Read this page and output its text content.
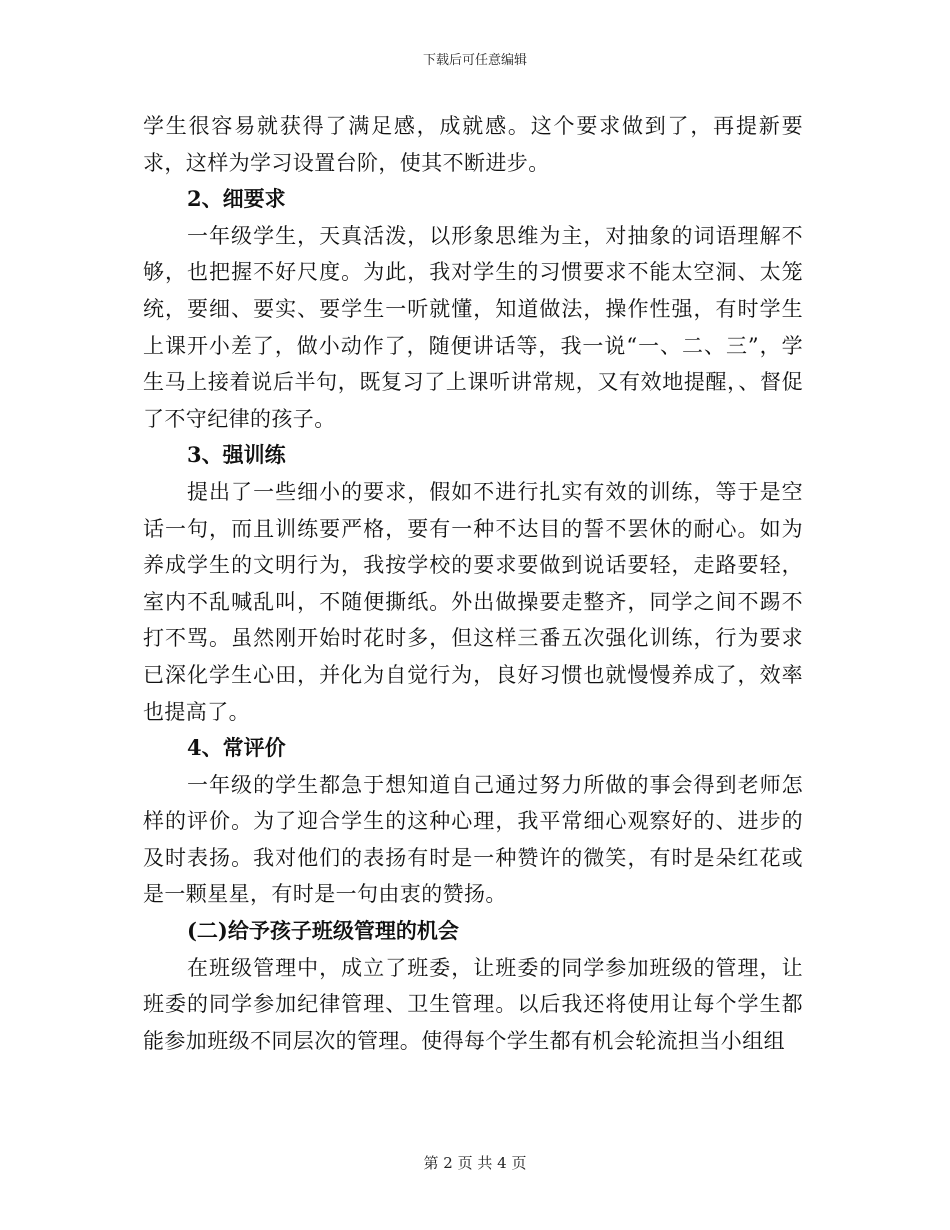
下载后可任意编辑

学生很容易就获得了满足感，成就感。这个要求做到了，再提新要求，这样为学习设置台阶，使其不断进步。

2、细要求

一年级学生，天真活泼，以形象思维为主，对抽象的词语理解不够，也把握不好尺度。为此，我对学生的习惯要求不能太空洞、太笼统，要细、要实、要学生一听就懂，知道做法，操作性强，有时学生上课开小差了，做小动作了，随便讲话等，我一说“一、二、三”，学生马上接着说后半句，既复习了上课听讲常规，又有效地提醒，、督促了不守纪律的孩子。

3、强训练

提出了一些细小的要求，假如不进行扎实有效的训练，等于是空话一句，而且训练要严格，要有一种不达目的誓不罢休的耐心。如为养成学生的文明行为，我按学校的要求要做到说话要轻，走路要轻，室内不乱喊乱叫，不随便撕纸。外出做操要走整齐，同学之间不踢不打不骂。虽然刚开始时花时多，但这样三番五次强化训练，行为要求已深化学生心田，并化为自觉行为，良好习惯也就慢慢养成了，效率也提高了。

4、常评价

一年级的学生都急于想知道自己通过努力所做的事会得到老师怎样的评价。为了迎合学生的这种心理，我平常细心观察好的、进步的及时表扬。我对他们的表扬有时是一种赞许的微笑，有时是朵红花或是一颗星星，有时是一句由衷的赞扬。

(二)给予孩子班级管理的机会

在班级管理中，成立了班委，让班委的同学参加班级的管理，让班委的同学参加纪律管理、卫生管理。以后我还将使用让每个学生都能参加班级不同层次的管理。使得每个学生都有机会轮流担当小组组

第 2 页 共 4 页
